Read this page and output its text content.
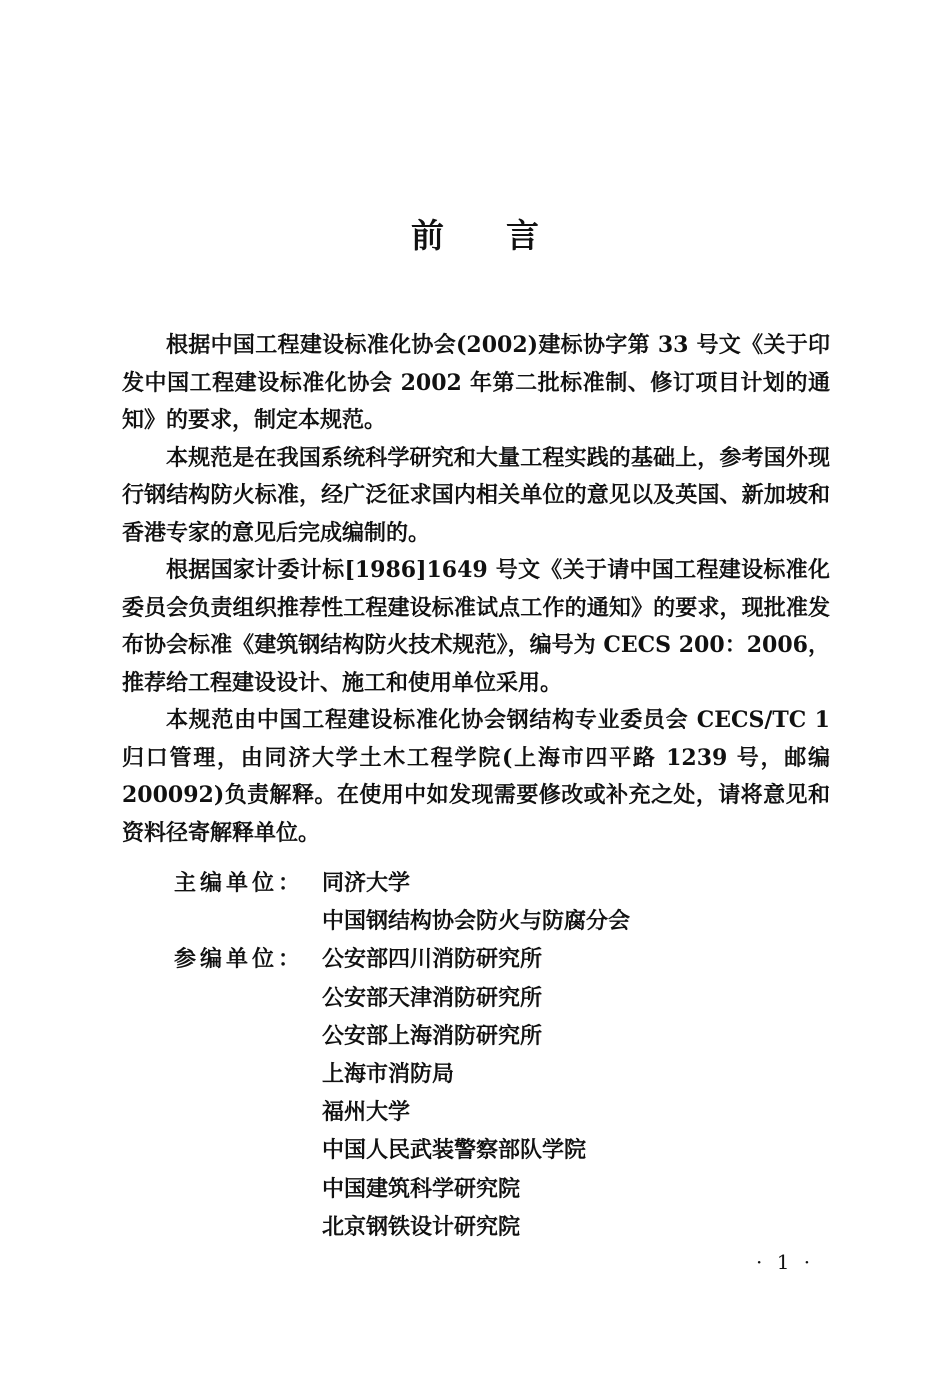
前言

根据中国工程建设标准化协会(2002)建标协字第 33 号文《关于印发中国工程建设标准化协会 2002 年第二批标准制、修订项目计划的通知》的要求，制定本规范。

本规范是在我国系统科学研究和大量工程实践的基础上，参考国外现行钢结构防火标准，经广泛征求国内相关单位的意见以及英国、新加坡和香港专家的意见后完成编制的。

根据国家计委计标[1986]1649 号文《关于请中国工程建设标准化委员会负责组织推荐性工程建设标准试点工作的通知》的要求，现批准发布协会标准《建筑钢结构防火技术规范》，编号为 CECS 200：2006，推荐给工程建设设计、施工和使用单位采用。

本规范由中国工程建设标准化协会钢结构专业委员会 CECS/TC 1 归口管理，由同济大学土木工程学院(上海市四平路 1239 号，邮编 200092)负责解释。在使用中如发现需要修改或补充之处，请将意见和资料径寄解释单位。

主编单位： 同济大学
中国钢结构协会防火与防腐分会
参编单位： 公安部四川消防研究所
公安部天津消防研究所
公安部上海消防研究所
上海市消防局
福州大学
中国人民武装警察部队学院
中国建筑科学研究院
北京钢铁设计研究院
· 1 ·
